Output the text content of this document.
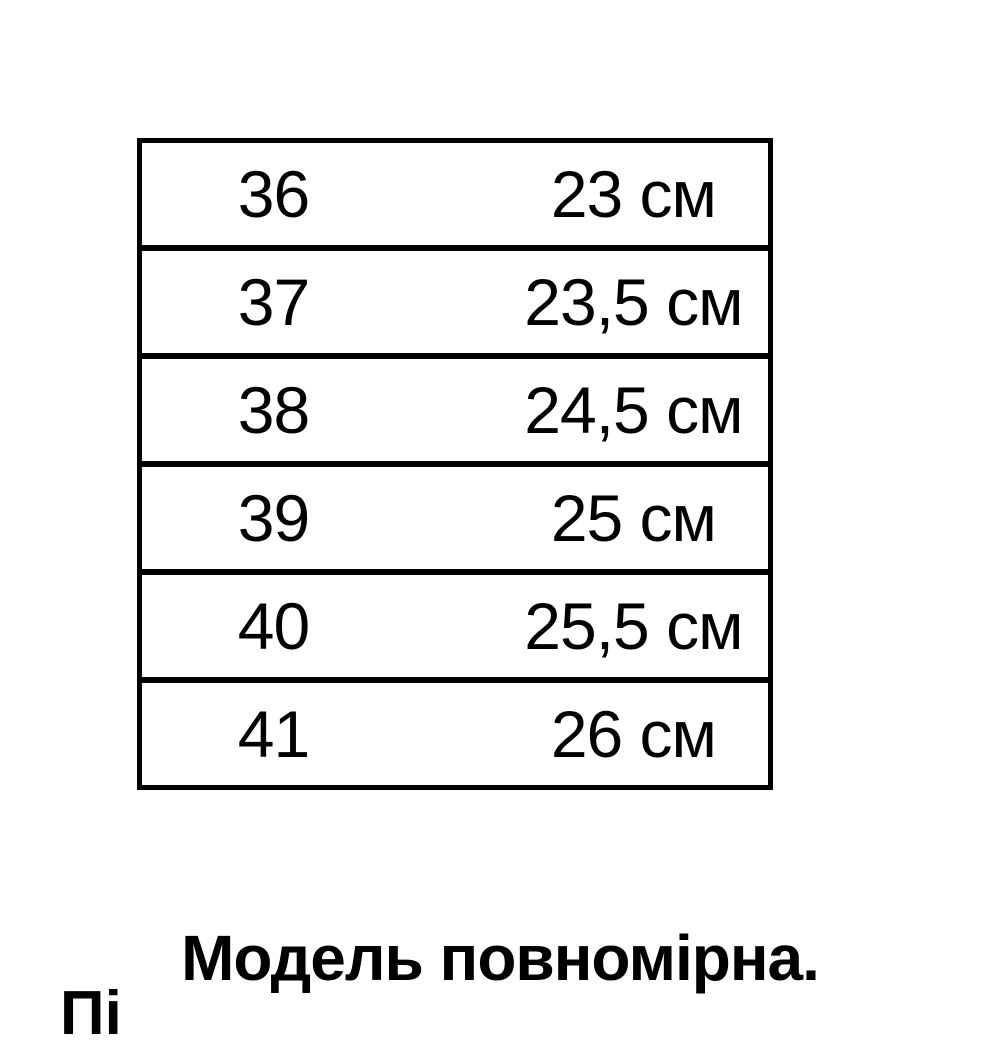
36	23 см
37	23,5 см
38	24,5 см
39	25 см
40	25,5 см
41	26 см
Модель повномірна.
Пі
